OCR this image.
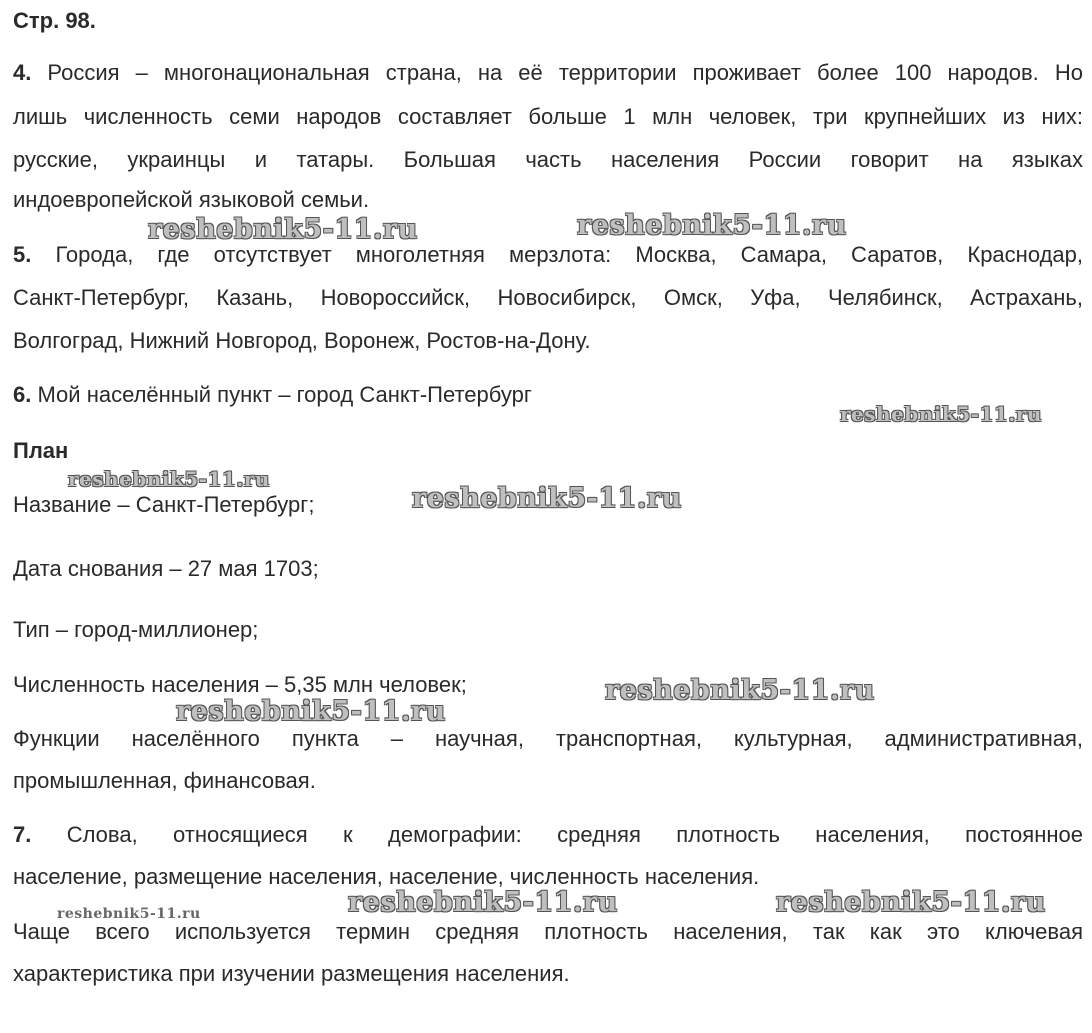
Стр. 98.
4. Россия – многонациональная страна, на её территории проживает более 100 народов. Но
лишь численность семи народов составляет больше 1 млн человек, три крупнейших из них:
русские, украинцы и татары. Большая часть населения России говорит на языках
индоевропейской языковой семьи.
5. Города, где отсутствует многолетняя мерзлота: Москва, Самара, Саратов, Краснодар,
Санкт-Петербург, Казань, Новороссийск, Новосибирск, Омск, Уфа, Челябинск, Астрахань,
Волгоград, Нижний Новгород, Воронеж, Ростов-на-Дону.
6. Мой населённый пункт – город Санкт-Петербург
План
Название – Санкт-Петербург;
Дата снования – 27 мая 1703;
Тип – город-миллионер;
Численность населения – 5,35 млн человек;
Функции населённого пункта – научная, транспортная, культурная, административная,
промышленная, финансовая.
7. Слова, относящиеся к демографии: средняя плотность населения, постоянное
население, размещение населения, население, численность населения.
Чаще всего используется термин средняя плотность населения, так как это ключевая
характеристика при изучении размещения населения.
reshebnik5-11.ru	reshebnik5-11.ru
reshebnik5-11.ru
reshebnik5-11.ru
reshebnik5-11.ru
reshebnik5-11.ru
reshebnik5-11.ru
reshebnik5-11.ru	reshebnik5-11.ru	reshebnik5-11.ru
